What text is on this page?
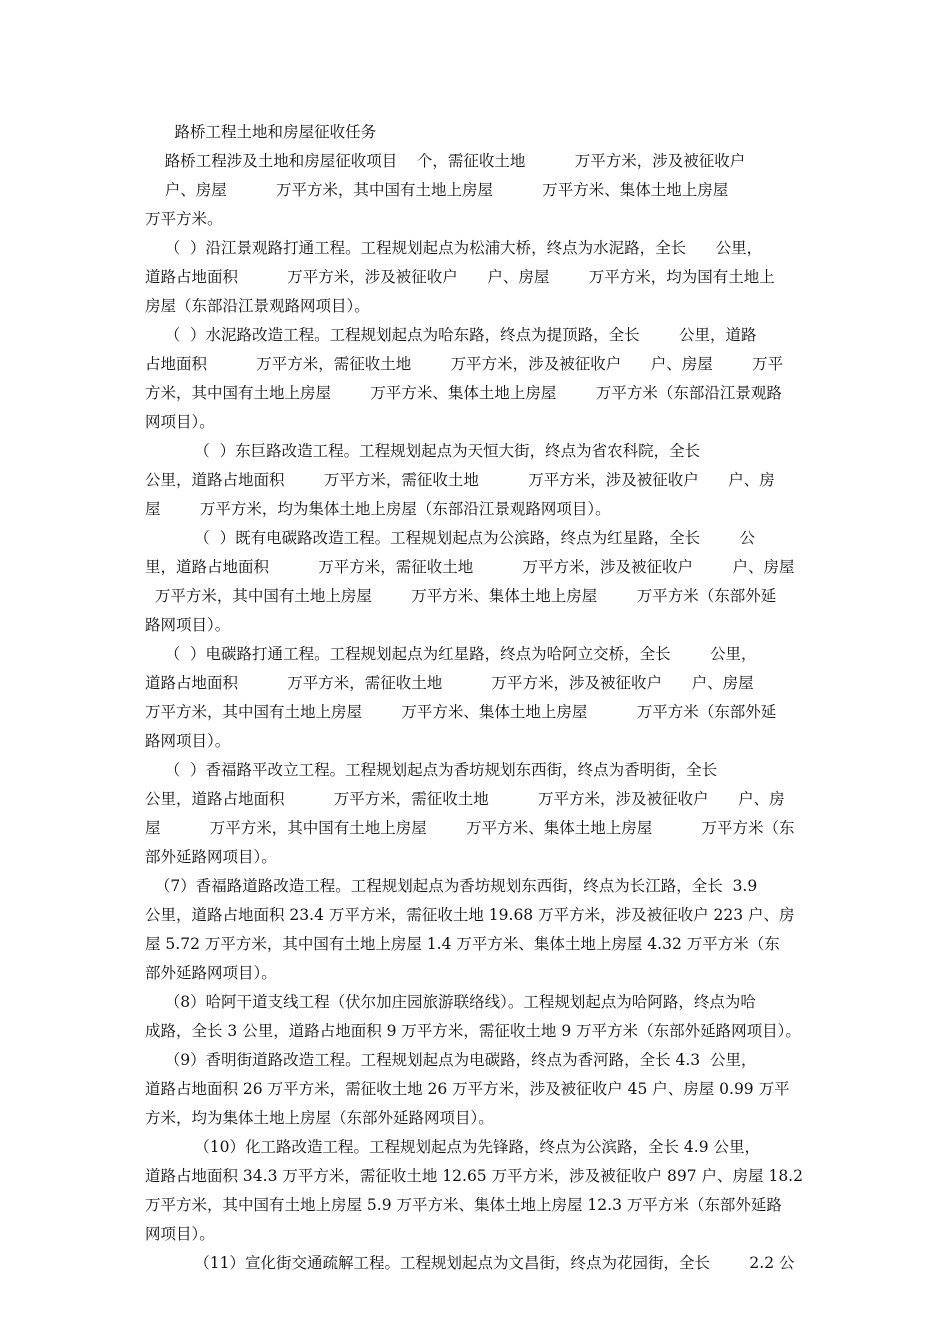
路桥工程土地和房屋征收任务
路桥工程涉及土地和房屋征收项目    个，需征收土地          万平方米，涉及被征收户
户、房屋          万平方米，其中国有土地上房屋          万平方米、集体土地上房屋
万平方米。
（  ）沿江景观路打通工程。工程规划起点为松浦大桥，终点为水泥路，全长      公里，
道路占地面积          万平方米，涉及被征收户      户、房屋        万平方米，均为国有土地上
房屋（东部沿江景观路网项目）。
（  ）水泥路改造工程。工程规划起点为哈东路，终点为提顶路，全长        公里，道路
占地面积          万平方米，需征收土地        万平方米，涉及被征收户      户、房屋        万平
方米，其中国有土地上房屋        万平方米、集体土地上房屋        万平方米（东部沿江景观路
网项目）。
（  ）东巨路改造工程。工程规划起点为天恒大街，终点为省农科院，全长
公里，道路占地面积        万平方米，需征收土地          万平方米，涉及被征收户      户、房
屋        万平方米，均为集体土地上房屋（东部沿江景观路网项目）。
（  ）既有电碳路改造工程。工程规划起点为公滨路，终点为红星路，全长        公
里，道路占地面积          万平方米，需征收土地          万平方米，涉及被征收户        户、房屋
万平方米，其中国有土地上房屋        万平方米、集体土地上房屋        万平方米（东部外延
路网项目）。
（  ）电碳路打通工程。工程规划起点为红星路，终点为哈阿立交桥，全长        公里，
道路占地面积          万平方米，需征收土地          万平方米，涉及被征收户      户、房屋
万平方米，其中国有土地上房屋        万平方米、集体土地上房屋          万平方米（东部外延
路网项目）。
（  ）香福路平改立工程。工程规划起点为香坊规划东西街，终点为香明街，全长
公里，道路占地面积          万平方米，需征收土地          万平方米，涉及被征收户      户、房
屋          万平方米，其中国有土地上房屋        万平方米、集体土地上房屋          万平方米（东
部外延路网项目）。
（7）香福路道路改造工程。工程规划起点为香坊规划东西街，终点为长江路，全长  3.9
公里，道路占地面积 23.4 万平方米，需征收土地 19.68 万平方米，涉及被征收户 223 户、房
屋 5.72 万平方米，其中国有土地上房屋 1.4 万平方米、集体土地上房屋 4.32 万平方米（东
部外延路网项目）。
（8）哈阿干道支线工程（伏尔加庄园旅游联络线）。工程规划起点为哈阿路，终点为哈
成路，全长 3 公里，道路占地面积 9 万平方米，需征收土地 9 万平方米（东部外延路网项目）。
（9）香明街道路改造工程。工程规划起点为电碳路，终点为香河路，全长 4.3  公里，
道路占地面积 26 万平方米，需征收土地 26 万平方米，涉及被征收户 45 户、房屋 0.99 万平
方米，均为集体土地上房屋（东部外延路网项目）。
（10）化工路改造工程。工程规划起点为先锋路，终点为公滨路，全长 4.9 公里，
道路占地面积 34.3 万平方米，需征收土地 12.65 万平方米，涉及被征收户 897 户、房屋 18.2
万平方米，其中国有土地上房屋 5.9 万平方米、集体土地上房屋 12.3 万平方米（东部外延路
网项目）。
（11）宣化街交通疏解工程。工程规划起点为文昌街，终点为花园街，全长        2.2 公
